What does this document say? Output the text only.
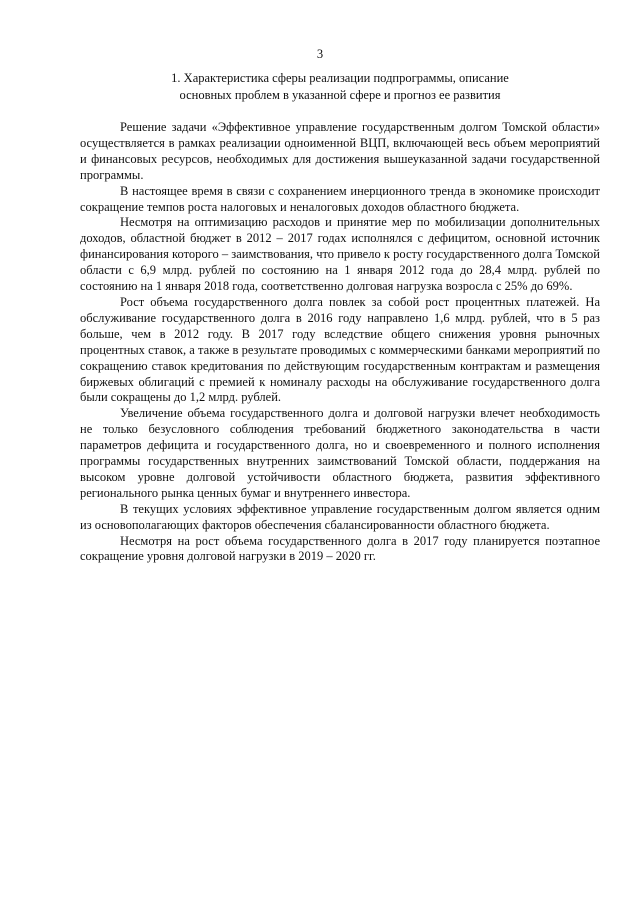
3
1. Характеристика сферы реализации подпрограммы, описание
основных проблем в указанной сфере и прогноз ее развития

Решение задачи «Эффективное управление государственным долгом Томской области» осуществляется в рамках реализации одноименной ВЦП, включающей весь объем мероприятий и финансовых ресурсов, необходимых для достижения вышеуказанной задачи государственной программы.

В настоящее время в связи с сохранением инерционного тренда в экономике происходит сокращение темпов роста налоговых и неналоговых доходов областного бюджета.

Несмотря на оптимизацию расходов и принятие мер по мобилизации дополнительных доходов, областной бюджет в 2012 – 2017 годах исполнялся с дефицитом, основной источник финансирования которого – заимствования, что привело к росту государственного долга Томской области с 6,9 млрд. рублей по состоянию на 1 января 2012 года до 28,4 млрд. рублей по состоянию на 1 января 2018 года, соответственно долговая нагрузка возросла с 25% до 69%.

Рост объема государственного долга повлек за собой рост процентных платежей. На обслуживание государственного долга в 2016 году направлено 1,6 млрд. рублей, что в 5 раз больше, чем в 2012 году. В 2017 году вследствие общего снижения уровня рыночных процентных ставок, а также в результате проводимых с коммерческими банками мероприятий по сокращению ставок кредитования по действующим государственным контрактам и размещения биржевых облигаций с премией к номиналу расходы на обслуживание государственного долга были сокращены до 1,2 млрд. рублей.

Увеличение объема государственного долга и долговой нагрузки влечет необходимость не только безусловного соблюдения требований бюджетного законодательства в части параметров дефицита и государственного долга, но и своевременного и полного исполнения программы государственных внутренних заимствований Томской области, поддержания на высоком уровне долговой устойчивости областного бюджета, развития эффективного регионального рынка ценных бумаг и внутреннего инвестора.

В текущих условиях эффективное управление государственным долгом является одним из основополагающих факторов обеспечения сбалансированности областного бюджета.

Несмотря на рост объема государственного долга в 2017 году планируется поэтапное сокращение уровня долговой нагрузки в 2019 – 2020 гг.
